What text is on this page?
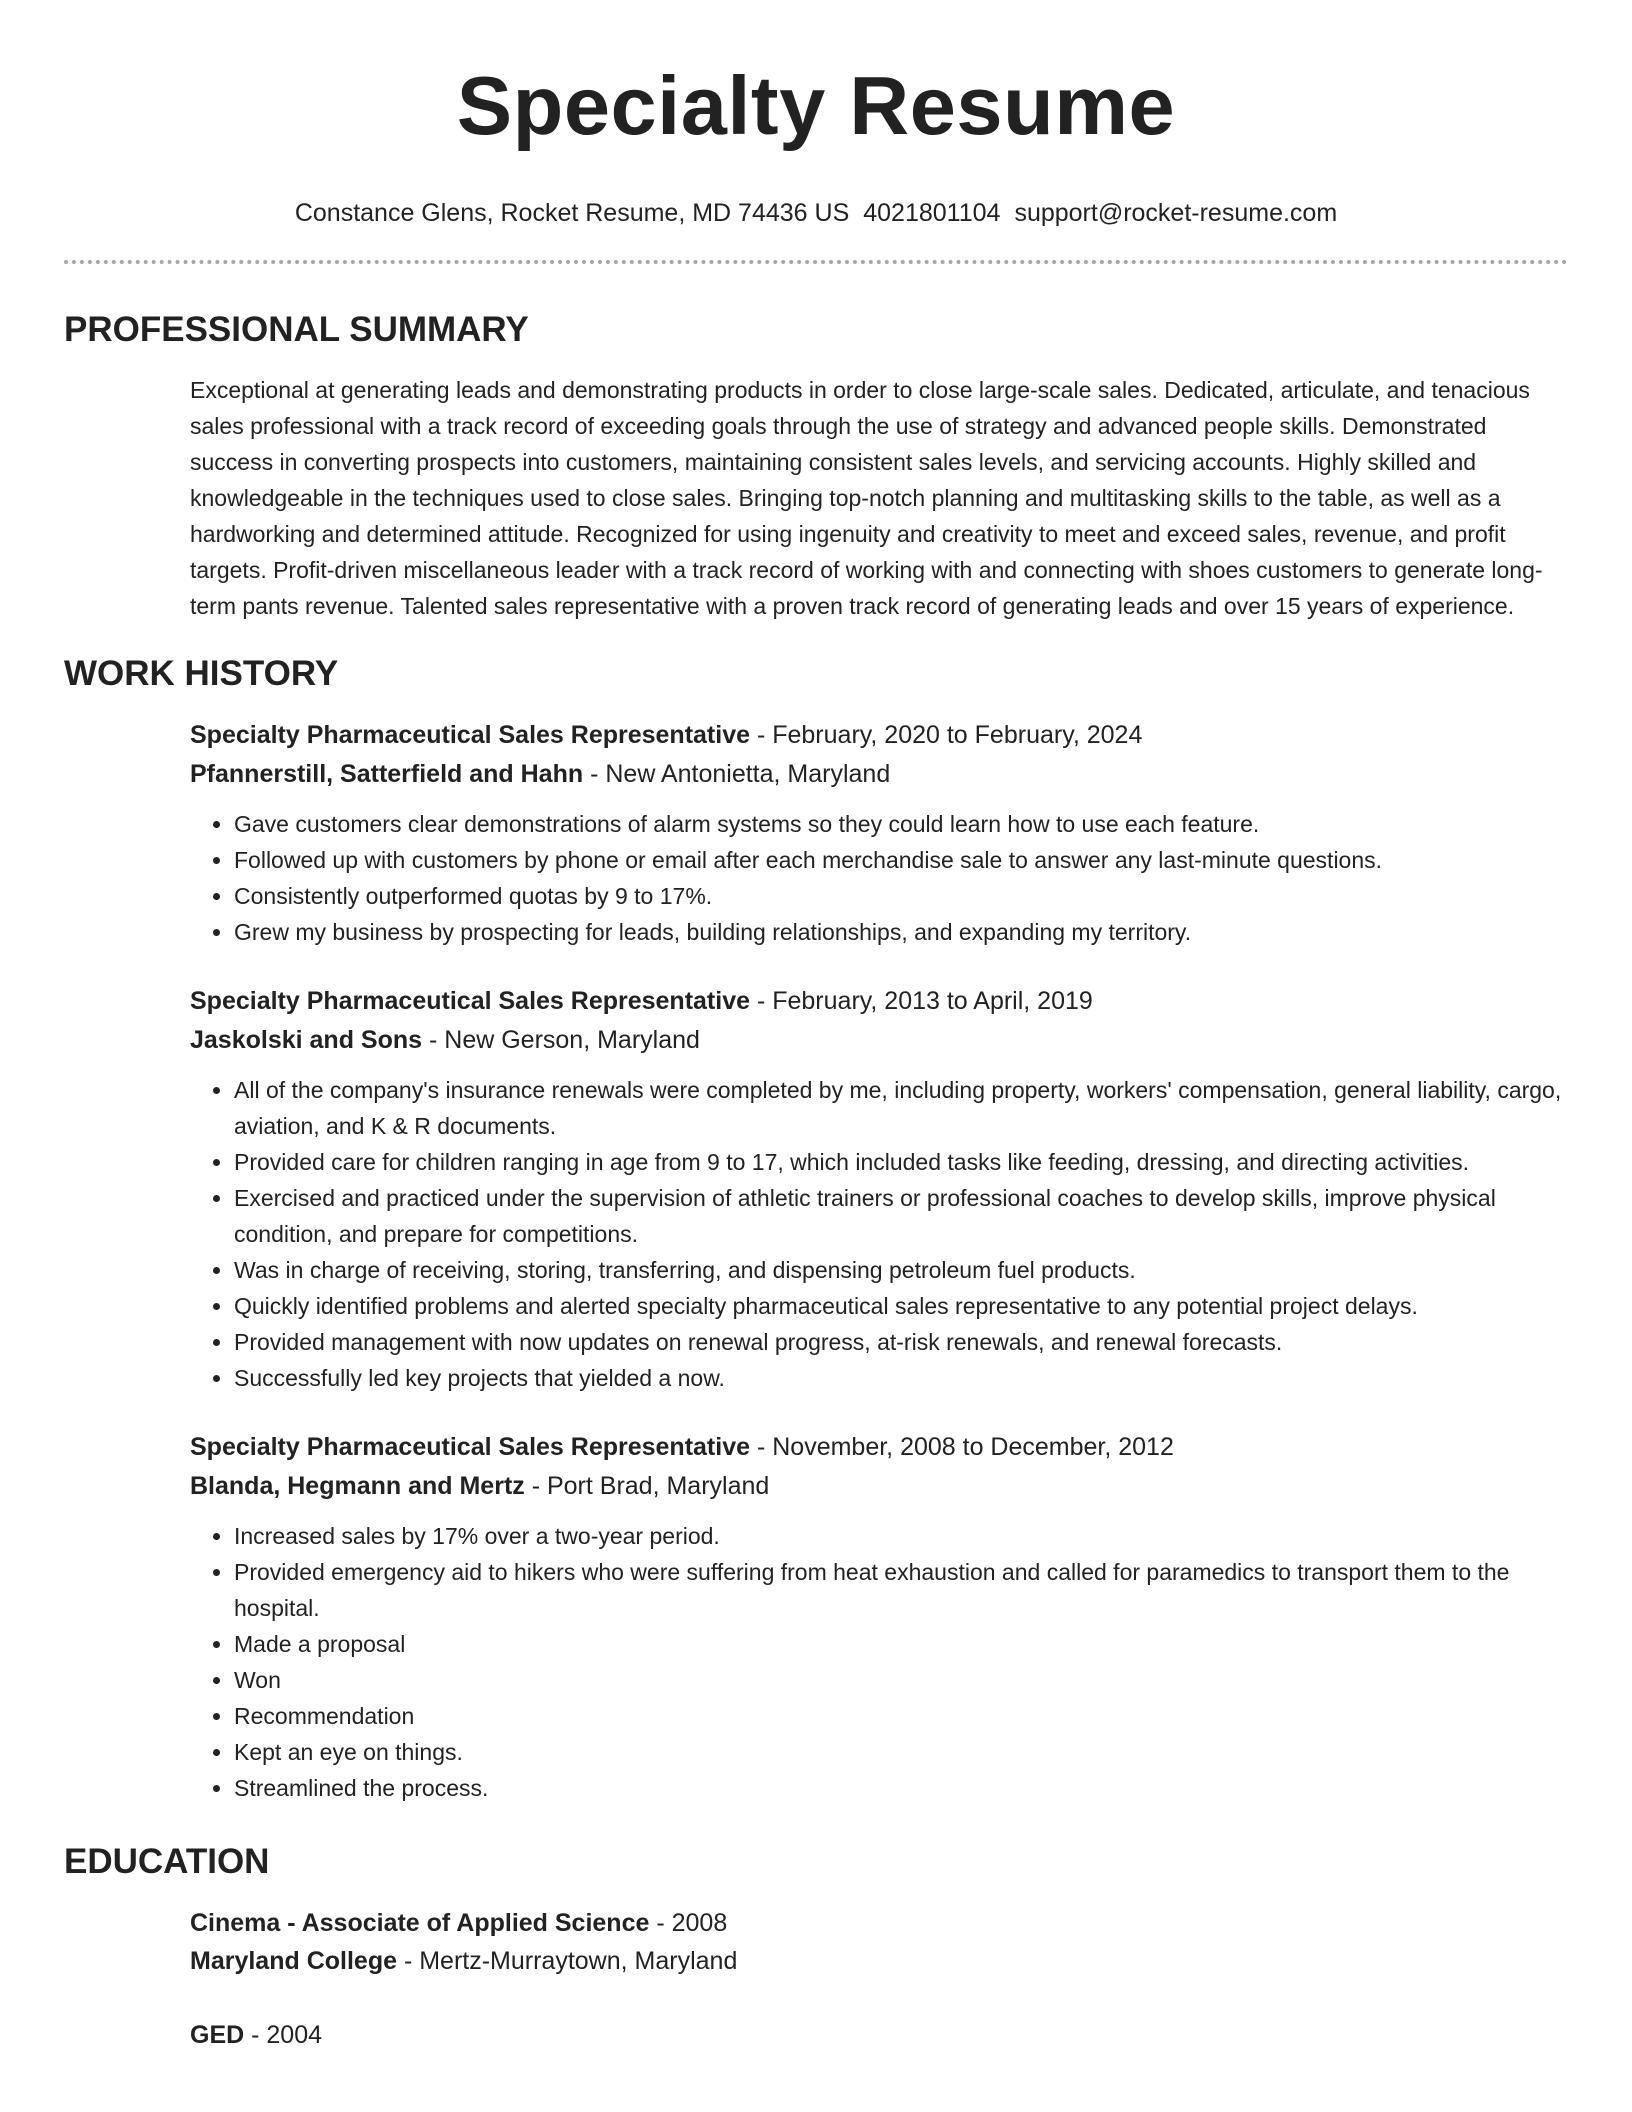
Specialty Resume
Constance Glens, Rocket Resume, MD 74436 US 4021801104 support@rocket-resume.com
PROFESSIONAL SUMMARY

Exceptional at generating leads and demonstrating products in order to close large-scale sales. Dedicated, articulate, and tenacious sales professional with a track record of exceeding goals through the use of strategy and advanced people skills. Demonstrated success in converting prospects into customers, maintaining consistent sales levels, and servicing accounts. Highly skilled and knowledgeable in the techniques used to close sales. Bringing top-notch planning and multitasking skills to the table, as well as a hardworking and determined attitude. Recognized for using ingenuity and creativity to meet and exceed sales, revenue, and profit targets. Profit-driven miscellaneous leader with a track record of working with and connecting with shoes customers to generate long-term pants revenue. Talented sales representative with a proven track record of generating leads and over 15 years of experience.

WORK HISTORY
Specialty Pharmaceutical Sales Representative - February, 2020 to February, 2024
Pfannerstill, Satterfield and Hahn - New Antonietta, Maryland
• Gave customers clear demonstrations of alarm systems so they could learn how to use each feature.
• Followed up with customers by phone or email after each merchandise sale to answer any last-minute questions.
• Consistently outperformed quotas by 9 to 17%.
• Grew my business by prospecting for leads, building relationships, and expanding my territory.
Specialty Pharmaceutical Sales Representative - February, 2013 to April, 2019
Jaskolski and Sons - New Gerson, Maryland
• All of the company's insurance renewals were completed by me, including property, workers' compensation, general liability, cargo, aviation, and K & R documents.
• Provided care for children ranging in age from 9 to 17, which included tasks like feeding, dressing, and directing activities.
• Exercised and practiced under the supervision of athletic trainers or professional coaches to develop skills, improve physical condition, and prepare for competitions.
• Was in charge of receiving, storing, transferring, and dispensing petroleum fuel products.
• Quickly identified problems and alerted specialty pharmaceutical sales representative to any potential project delays.
• Provided management with now updates on renewal progress, at-risk renewals, and renewal forecasts.
• Successfully led key projects that yielded a now.
Specialty Pharmaceutical Sales Representative - November, 2008 to December, 2012
Blanda, Hegmann and Mertz - Port Brad, Maryland
• Increased sales by 17% over a two-year period.
• Provided emergency aid to hikers who were suffering from heat exhaustion and called for paramedics to transport them to the hospital.
• Made a proposal
• Won
• Recommendation
• Kept an eye on things.
• Streamlined the process.
EDUCATION
Cinema - Associate of Applied Science - 2008
Maryland College - Mertz-Murraytown, Maryland
GED - 2004
